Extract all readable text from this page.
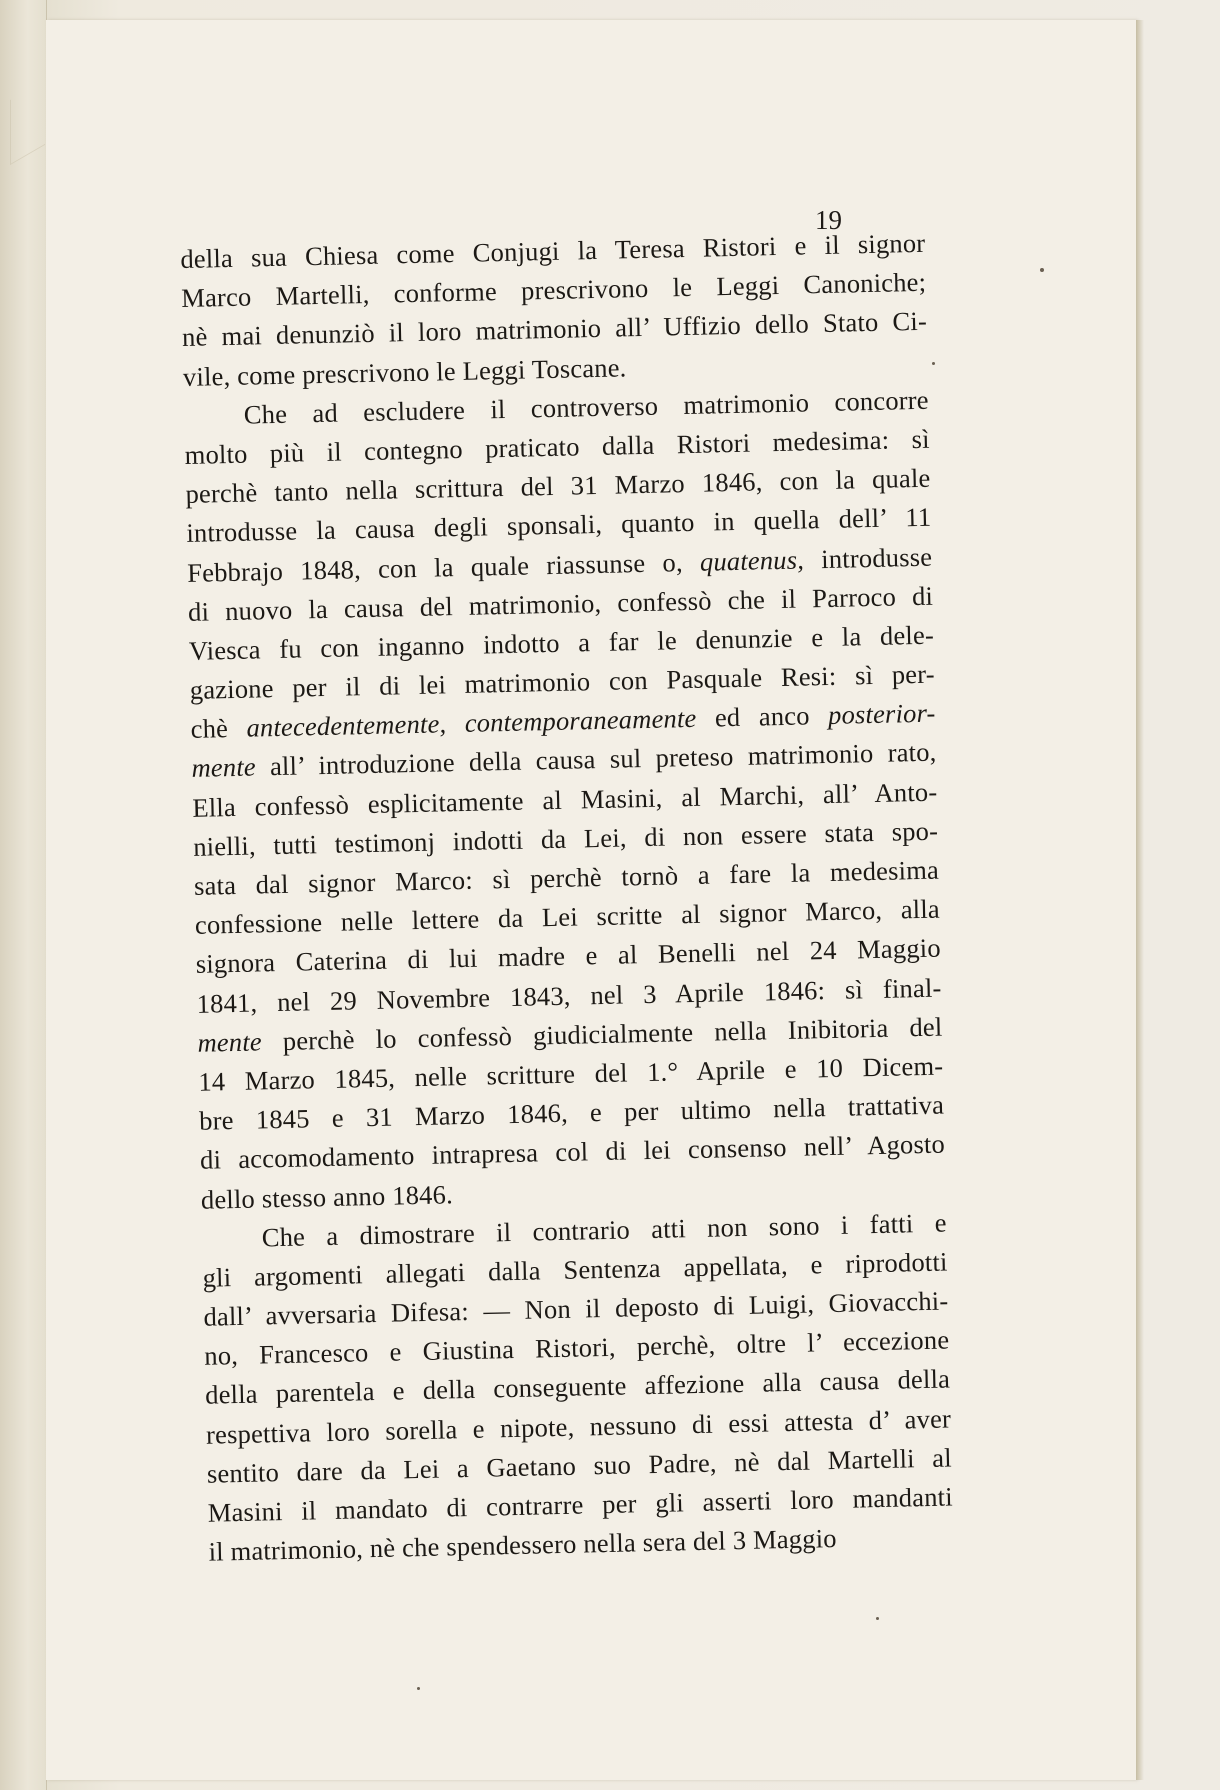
19
della sua Chiesa come Conjugi la Teresa Ristori e il signor
Marco Martelli, conforme prescrivono le Leggi Canoniche;
nè mai denunziò il loro matrimonio all’ Uffizio dello Stato Ci-
vile, come prescrivono le Leggi Toscane.
Che ad escludere il controverso matrimonio concorre
molto più il contegno praticato dalla Ristori medesima: sì
perchè tanto nella scrittura del 31 Marzo 1846, con la quale
introdusse la causa degli sponsali, quanto in quella dell’ 11
Febbrajo 1848, con la quale riassunse o, quatenus, introdusse
di nuovo la causa del matrimonio, confessò che il Parroco di
Viesca fu con inganno indotto a far le denunzie e la dele-
gazione per il di lei matrimonio con Pasquale Resi: sì per-
chè antecedentemente, contemporaneamente ed anco posterior-
mente all’ introduzione della causa sul preteso matrimonio rato,
Ella confessò esplicitamente al Masini, al Marchi, all’ Anto-
nielli, tutti testimonj indotti da Lei, di non essere stata spo-
sata dal signor Marco: sì perchè tornò a fare la medesima
confessione nelle lettere da Lei scritte al signor Marco, alla
signora Caterina di lui madre e al Benelli nel 24 Maggio
1841, nel 29 Novembre 1843, nel 3 Aprile 1846: sì final-
mente perchè lo confessò giudicialmente nella Inibitoria del
14 Marzo 1845, nelle scritture del 1.° Aprile e 10 Dicem-
bre 1845 e 31 Marzo 1846, e per ultimo nella trattativa
di accomodamento intrapresa col di lei consenso nell’ Agosto
dello stesso anno 1846.
Che a dimostrare il contrario atti non sono i fatti e
gli argomenti allegati dalla Sentenza appellata, e riprodotti
dall’ avversaria Difesa: — Non il deposto di Luigi, Giovacchi-
no, Francesco e Giustina Ristori, perchè, oltre l’ eccezione
della parentela e della conseguente affezione alla causa della
respettiva loro sorella e nipote, nessuno di essi attesta d’ aver
sentito dare da Lei a Gaetano suo Padre, nè dal Martelli al
Masini il mandato di contrarre per gli asserti loro mandanti
il matrimonio, nè che spendessero nella sera del 3 Maggio
